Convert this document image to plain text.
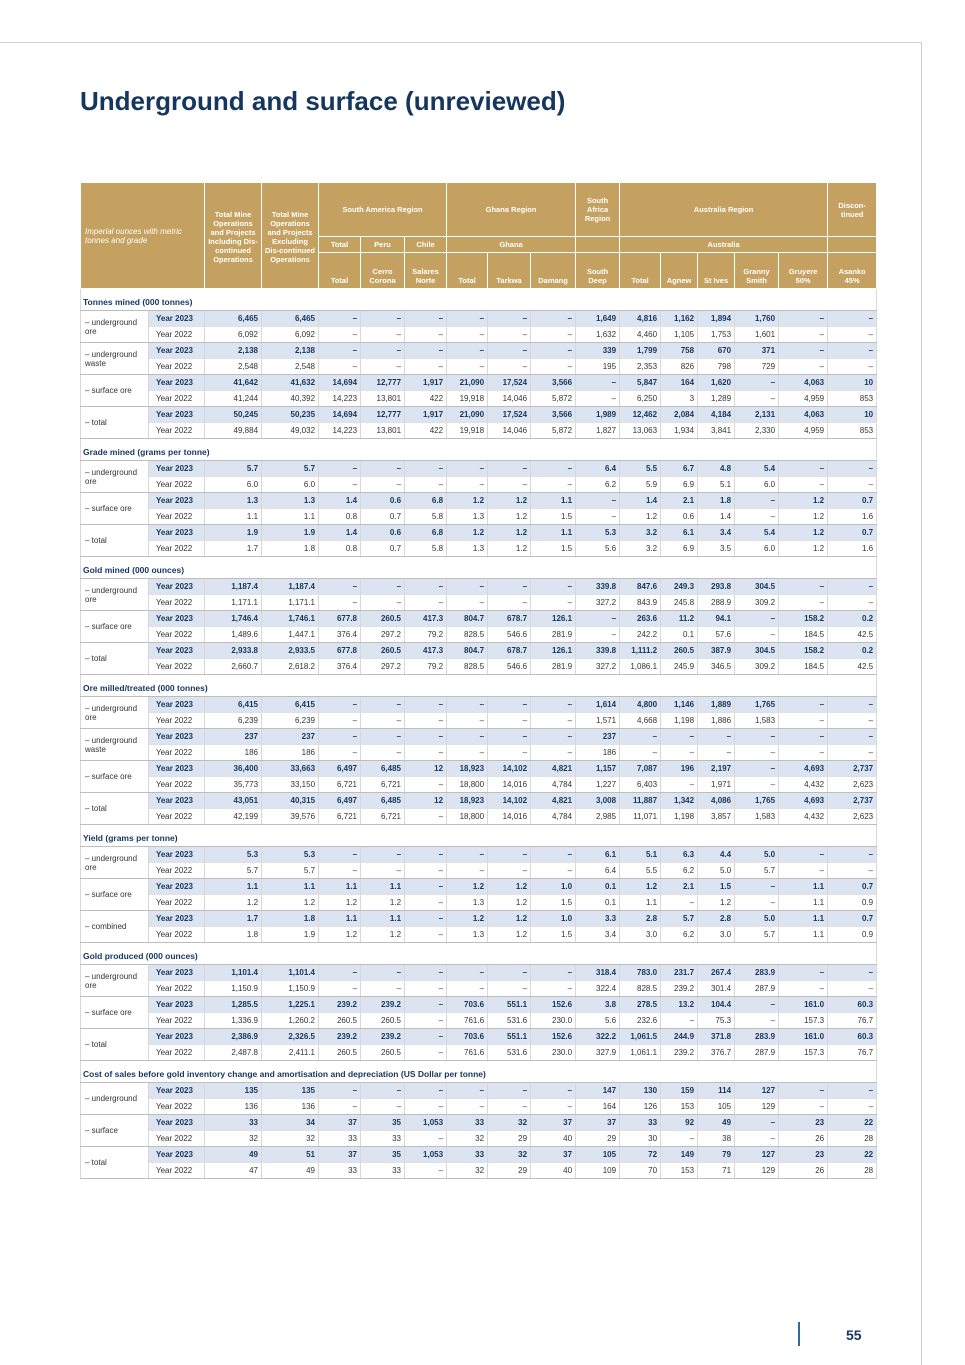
Underground and surface (unreviewed)
Imperial ounces with metric tonnes and grade		Total Mine Operations and Projects Including Dis-continued Operations	Total Mine Operations and Projects Excluding Dis-continued Operations	South America Region			Ghana Region			South Africa Region	Australia Region					Discon-tinued
				Total	Peru	Chile	Ghana				Australia					
				Total	Cerro Corona	Salares Norte	Total	Tarkwa	Damang	South Deep	Total	Agnew	St Ives	Granny Smith	Gruyere 50%	Asanko 45%
Tonnes mined (000 tonnes)																
– underground ore	Year 2023	6,465	6,465	–	–	–	–	–	–	1,649	4,816	1,162	1,894	1,760	–	–
	Year 2022	6,092	6,092	–	–	–	–	–	–	1,632	4,460	1,105	1,753	1,601	–	–
– underground waste	Year 2023	2,138	2,138	–	–	–	–	–	–	339	1,799	758	670	371	–	–
	Year 2022	2,548	2,548	–	–	–	–	–	–	195	2,353	826	798	729	–	–
– surface ore	Year 2023	41,642	41,632	14,694	12,777	1,917	21,090	17,524	3,566	–	5,847	164	1,620	–	4,063	10
	Year 2022	41,244	40,392	14,223	13,801	422	19,918	14,046	5,872	–	6,250	3	1,289	–	4,959	853
– total	Year 2023	50,245	50,235	14,694	12,777	1,917	21,090	17,524	3,566	1,989	12,462	2,084	4,184	2,131	4,063	10
	Year 2022	49,884	49,032	14,223	13,801	422	19,918	14,046	5,872	1,827	13,063	1,934	3,841	2,330	4,959	853
Grade mined (grams per tonne)																
– underground ore	Year 2023	5.7	5.7	–	–	–	–	–	–	6.4	5.5	6.7	4.8	5.4	–	–
	Year 2022	6.0	6.0	–	–	–	–	–	–	6.2	5.9	6.9	5.1	6.0	–	–
– surface ore	Year 2023	1.3	1.3	1.4	0.6	6.8	1.2	1.2	1.1	–	1.4	2.1	1.8	–	1.2	0.7
	Year 2022	1.1	1.1	0.8	0.7	5.8	1.3	1.2	1.5	–	1.2	0.6	1.4	–	1.2	1.6
– total	Year 2023	1.9	1.9	1.4	0.6	6.8	1.2	1.2	1.1	5.3	3.2	6.1	3.4	5.4	1.2	0.7
	Year 2022	1.7	1.8	0.8	0.7	5.8	1.3	1.2	1.5	5.6	3.2	6.9	3.5	6.0	1.2	1.6
Gold mined (000 ounces)																
– underground ore	Year 2023	1,187.4	1,187.4	–	–	–	–	–	–	339.8	847.6	249.3	293.8	304.5	–	–
	Year 2022	1,171.1	1,171.1	–	–	–	–	–	–	327.2	843.9	245.8	288.9	309.2	–	–
– surface ore	Year 2023	1,746.4	1,746.1	677.8	260.5	417.3	804.7	678.7	126.1	–	263.6	11.2	94.1	–	158.2	0.2
	Year 2022	1,489.6	1,447.1	376.4	297.2	79.2	828.5	546.6	281.9	–	242.2	0.1	57.6	–	184.5	42.5
– total	Year 2023	2,933.8	2,933.5	677.8	260.5	417.3	804.7	678.7	126.1	339.8	1,111.2	260.5	387.9	304.5	158.2	0.2
	Year 2022	2,660.7	2,618.2	376.4	297.2	79.2	828.5	546.6	281.9	327.2	1,086.1	245.9	346.5	309.2	184.5	42.5
Ore milled/treated (000 tonnes)																
– underground ore	Year 2023	6,415	6,415	–	–	–	–	–	–	1,614	4,800	1,146	1,889	1,765	–	–
	Year 2022	6,239	6,239	–	–	–	–	–	–	1,571	4,668	1,198	1,886	1,583	–	–
– underground waste	Year 2023	237	237	–	–	–	–	–	–	237	–	–	–	–	–	–
	Year 2022	186	186	–	–	–	–	–	–	186	–	–	–	–	–	–
– surface ore	Year 2023	36,400	33,663	6,497	6,485	12	18,923	14,102	4,821	1,157	7,087	196	2,197	–	4,693	2,737
	Year 2022	35,773	33,150	6,721	6,721	–	18,800	14,016	4,784	1,227	6,403	–	1,971	–	4,432	2,623
– total	Year 2023	43,051	40,315	6,497	6,485	12	18,923	14,102	4,821	3,008	11,887	1,342	4,086	1,765	4,693	2,737
	Year 2022	42,199	39,576	6,721	6,721	–	18,800	14,016	4,784	2,985	11,071	1,198	3,857	1,583	4,432	2,623
Yield (grams per tonne)																
– underground ore	Year 2023	5.3	5.3	–	–	–	–	–	–	6.1	5.1	6.3	4.4	5.0	–	–
	Year 2022	5.7	5.7	–	–	–	–	–	–	6.4	5.5	6.2	5.0	5.7	–	–
– surface ore	Year 2023	1.1	1.1	1.1	1.1	–	1.2	1.2	1.0	0.1	1.2	2.1	1.5	–	1.1	0.7
	Year 2022	1.2	1.2	1.2	1.2	–	1.3	1.2	1.5	0.1	1.1	–	1.2	–	1.1	0.9
– combined	Year 2023	1.7	1.8	1.1	1.1	–	1.2	1.2	1.0	3.3	2.8	5.7	2.8	5.0	1.1	0.7
	Year 2022	1.8	1.9	1.2	1.2	–	1.3	1.2	1.5	3.4	3.0	6.2	3.0	5.7	1.1	0.9
Gold produced (000 ounces)																
– underground ore	Year 2023	1,101.4	1,101.4	–	–	–	–	–	–	318.4	783.0	231.7	267.4	283.9	–	–
	Year 2022	1,150.9	1,150.9	–	–	–	–	–	–	322.4	828.5	239.2	301.4	287.9	–	–
– surface ore	Year 2023	1,285.5	1,225.1	239.2	239.2	–	703.6	551.1	152.6	3.8	278.5	13.2	104.4	–	161.0	60.3
	Year 2022	1,336.9	1,260.2	260.5	260.5	–	761.6	531.6	230.0	5.6	232.6	–	75.3	–	157.3	76.7
– total	Year 2023	2,386.9	2,326.5	239.2	239.2	–	703.6	551.1	152.6	322.2	1,061.5	244.9	371.8	283.9	161.0	60.3
	Year 2022	2,487.8	2,411.1	260.5	260.5	–	761.6	531.6	230.0	327.9	1,061.1	239.2	376.7	287.9	157.3	76.7
Cost of sales before gold inventory change and amortisation and depreciation (US Dollar per tonne)																
– underground	Year 2023	135	135	–	–	–	–	–	–	147	130	159	114	127	–	–
	Year 2022	136	136	–	–	–	–	–	–	164	126	153	105	129	–	–
– surface	Year 2023	33	34	37	35	1,053	33	32	37	37	33	92	49	–	23	22
	Year 2022	32	32	33	33	–	32	29	40	29	30	–	38	–	26	28
– total	Year 2023	49	51	37	35	1,053	33	32	37	105	72	149	79	127	23	22
	Year 2022	47	49	33	33	–	32	29	40	109	70	153	71	129	26	28
55
